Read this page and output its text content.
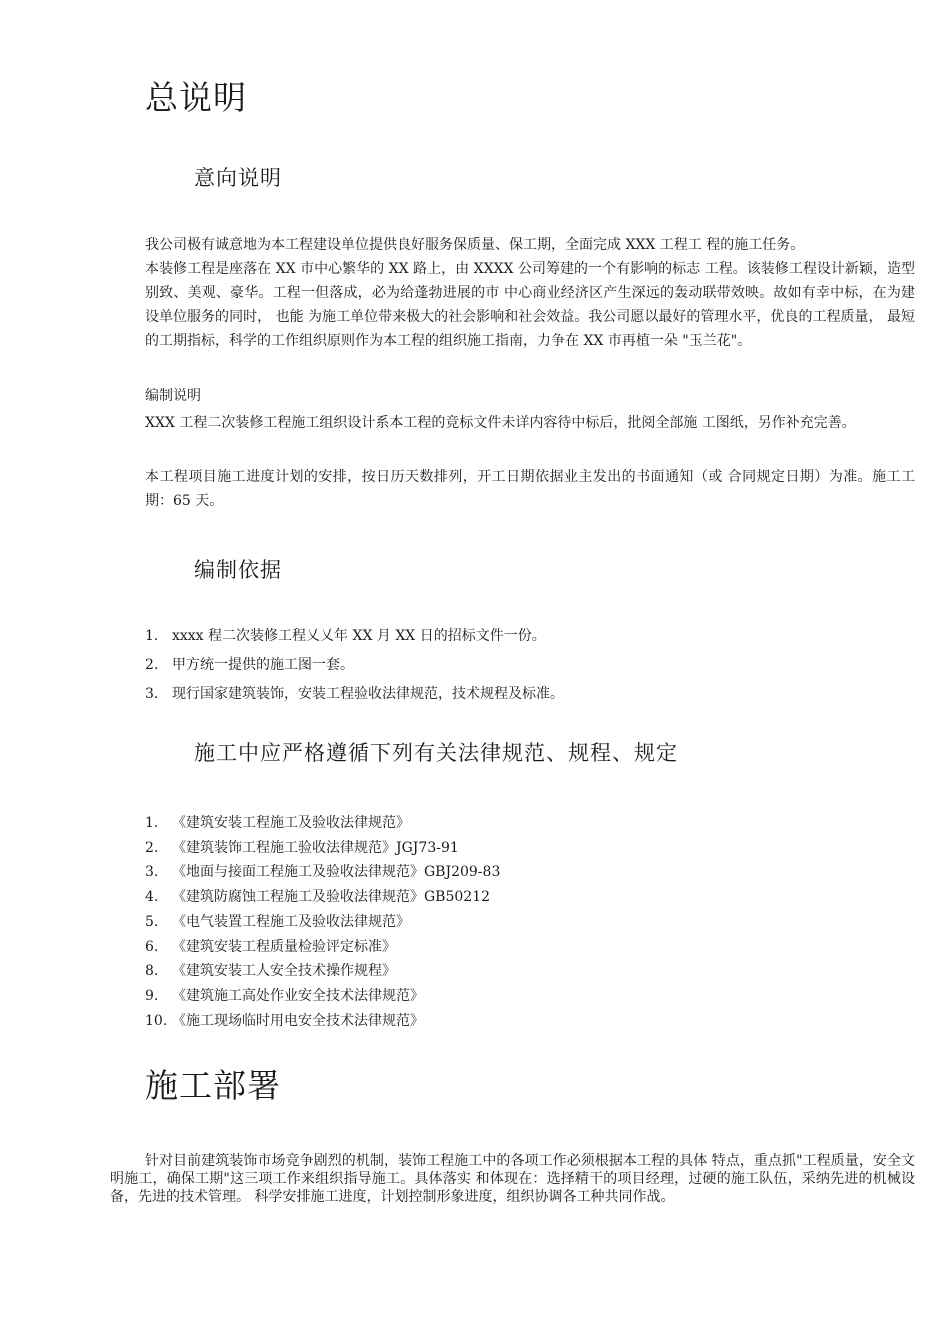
总说明
意向说明

我公司极有诚意地为本工程建设单位提供良好服务保质量、保工期，全面完成 XXX 工程工 程的施工任务。

本装修工程是座落在 XX 市中心繁华的 XX 路上，由 XXXX 公司筹建的一个有影响的标志 工程。该装修工程设计新颖，造型别致、美观、豪华。工程一但落成，必为给蓬勃进展的市 中心商业经济区产生深远的轰动联带效映。故如有幸中标，在为建设单位服务的同时， 也能 为施工单位带来极大的社会影响和社会效益。我公司愿以最好的管理水平，优良的工程质量， 最短的工期指标，科学的工作组织原则作为本工程的组织施工指南，力争在 XX 市再植一朵 "玉兰花"。

编制说明

XXX 工程二次装修工程施工组织设计系本工程的竞标文件未详内容待中标后，批阅全部施 工图纸，另作补充完善。

本工程项目施工进度计划的安排，按日历天数排列，开工日期依据业主发出的书面通知（或 合同规定日期）为准。施工工期：65 天。

编制依据
1. xxxx 程二次装修工程乂乂年 XX 月 XX 日的招标文件一份。
2. 甲方统一提供的施工图一套。
3. 现行国家建筑装饰，安装工程验收法律规范，技术规程及标准。
施工中应严格遵循下列有关法律规范、规程、规定
1. 《建筑安装工程施工及验收法律规范》
2. 《建筑装饰工程施工验收法律规范》JGJ73-91
3. 《地面与接面工程施工及验收法律规范》GBJ209-83
4. 《建筑防腐蚀工程施工及验收法律规范》GB50212
5. 《电气装置工程施工及验收法律规范》
6. 《建筑安装工程质量检验评定标准》
8. 《建筑安装工人安全技术操作规程》
9. 《建筑施工高处作业安全技术法律规范》
10. 《施工现场临时用电安全技术法律规范》
施工部署

针对目前建筑装饰市场竞争剧烈的机制，装饰工程施工中的各项工作必须根据本工程的具体 特点，重点抓"工程质量，安全文明施工，确保工期"这三项工作来组织指导施工。具体落实 和体现在：选择精干的项目经理，过硬的施工队伍，采纳先进的机械设备，先进的技术管理。 科学安排施工进度，计划控制形象进度，组织协调各工种共同作战。
